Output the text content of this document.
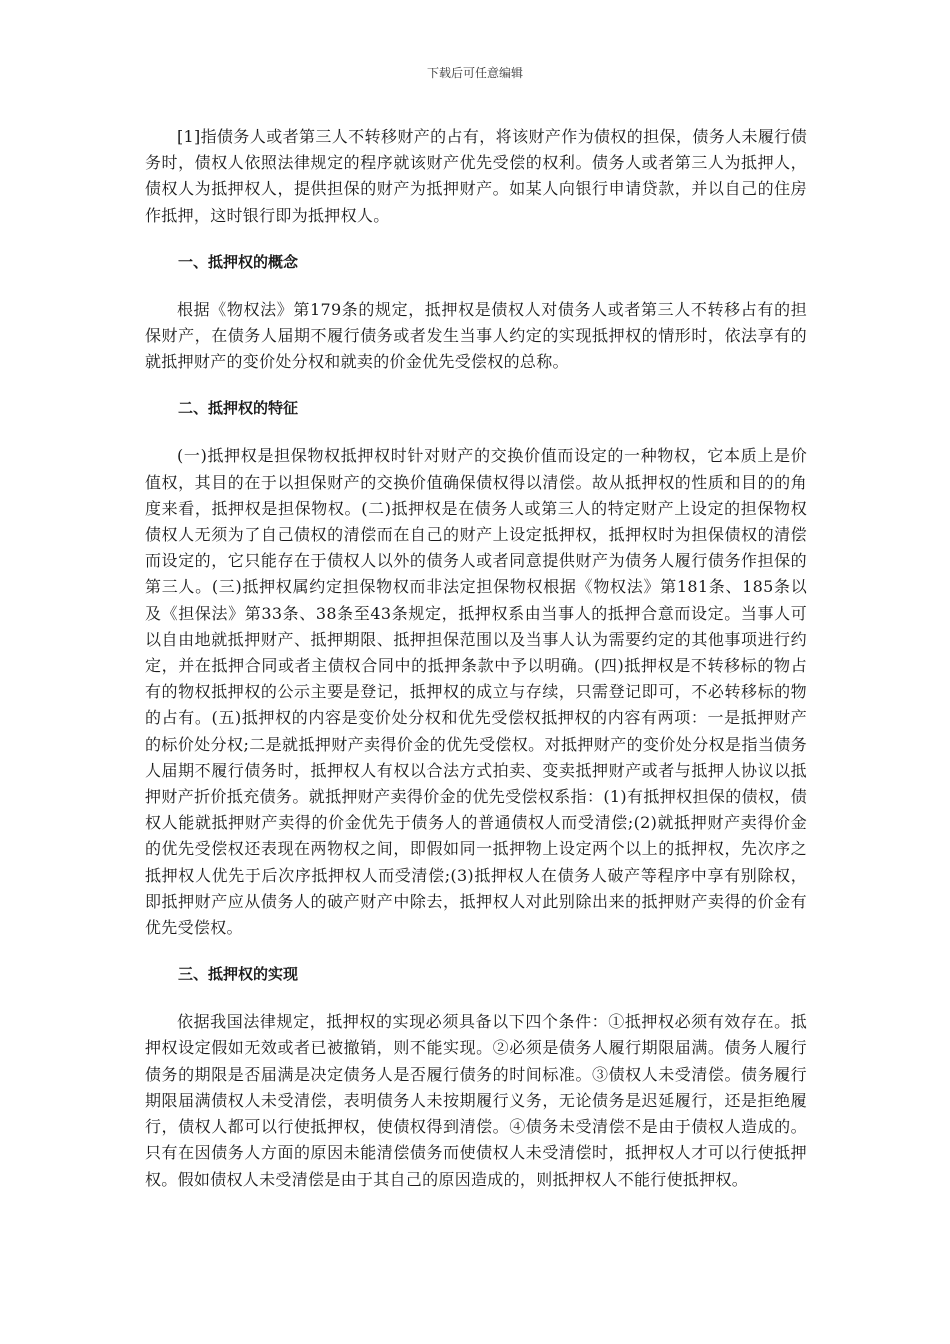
下载后可任意编辑

[1]指债务人或者第三人不转移财产的占有，将该财产作为债权的担保，债务人未履行债务时，债权人依照法律规定的程序就该财产优先受偿的权利。债务人或者第三人为抵押人，债权人为抵押权人，提供担保的财产为抵押财产。如某人向银行申请贷款，并以自己的住房作抵押，这时银行即为抵押权人。

一、抵押权的概念

根据《物权法》第179条的规定，抵押权是债权人对债务人或者第三人不转移占有的担保财产，在债务人届期不履行债务或者发生当事人约定的实现抵押权的情形时，依法享有的就抵押财产的变价处分权和就卖的价金优先受偿权的总称。

二、抵押权的特征

(一)抵押权是担保物权抵押权时针对财产的交换价值而设定的一种物权，它本质上是价值权，其目的在于以担保财产的交换价值确保债权得以清偿。故从抵押权的性质和目的的角度来看，抵押权是担保物权。(二)抵押权是在债务人或第三人的特定财产上设定的担保物权债权人无须为了自己债权的清偿而在自己的财产上设定抵押权，抵押权时为担保债权的清偿而设定的，它只能存在于债权人以外的债务人或者同意提供财产为债务人履行债务作担保的第三人。(三)抵押权属约定担保物权而非法定担保物权根据《物权法》第181条、185条以及《担保法》第33条、38条至43条规定，抵押权系由当事人的抵押合意而设定。当事人可以自由地就抵押财产、抵押期限、抵押担保范围以及当事人认为需要约定的其他事项进行约定，并在抵押合同或者主债权合同中的抵押条款中予以明确。(四)抵押权是不转移标的物占有的物权抵押权的公示主要是登记，抵押权的成立与存续，只需登记即可，不必转移标的物的占有。(五)抵押权的内容是变价处分权和优先受偿权抵押权的内容有两项：一是抵押财产的标价处分权;二是就抵押财产卖得价金的优先受偿权。对抵押财产的变价处分权是指当债务人届期不履行债务时，抵押权人有权以合法方式拍卖、变卖抵押财产或者与抵押人协议以抵押财产折价抵充债务。就抵押财产卖得价金的优先受偿权系指：(1)有抵押权担保的债权，债权人能就抵押财产卖得的价金优先于债务人的普通债权人而受清偿;(2)就抵押财产卖得价金的优先受偿权还表现在两物权之间，即假如同一抵押物上设定两个以上的抵押权，先次序之抵押权人优先于后次序抵押权人而受清偿;(3)抵押权人在债务人破产等程序中享有别除权，即抵押财产应从债务人的破产财产中除去，抵押权人对此别除出来的抵押财产卖得的价金有优先受偿权。

三、抵押权的实现

依据我国法律规定，抵押权的实现必须具备以下四个条件：①抵押权必须有效存在。抵押权设定假如无效或者已被撤销，则不能实现。②必须是债务人履行期限届满。债务人履行债务的期限是否届满是决定债务人是否履行债务的时间标准。③债权人未受清偿。债务履行期限届满债权人未受清偿，表明债务人未按期履行义务，无论债务是迟延履行，还是拒绝履行，债权人都可以行使抵押权，使债权得到清偿。④债务未受清偿不是由于债权人造成的。只有在因债务人方面的原因未能清偿债务而使债权人未受清偿时，抵押权人才可以行使抵押权。假如债权人未受清偿是由于其自己的原因造成的，则抵押权人不能行使抵押权。
